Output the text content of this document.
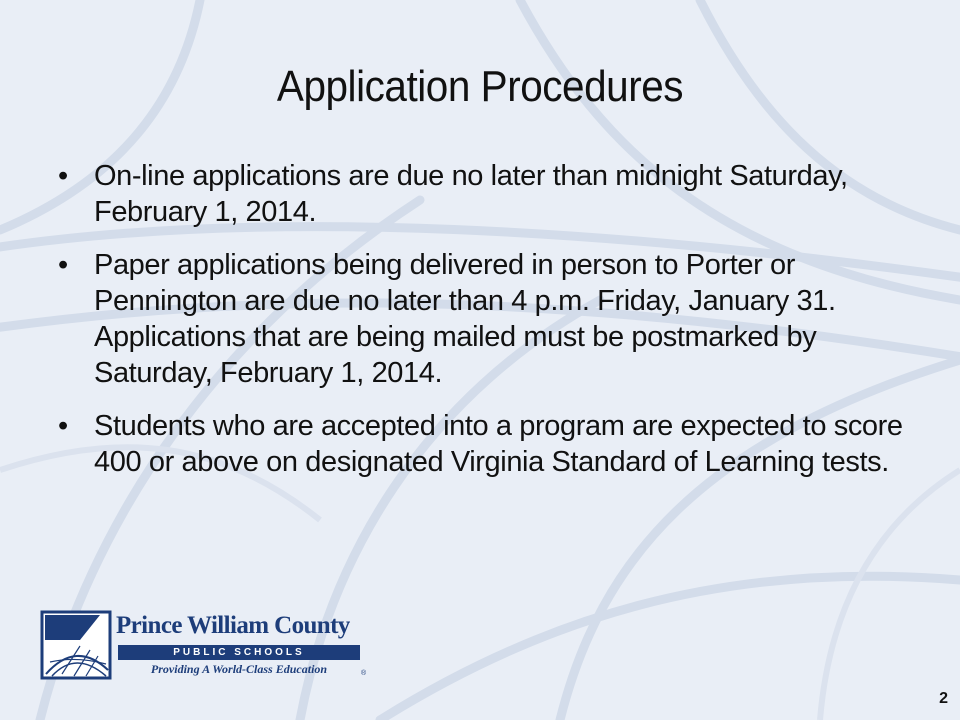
Application Procedures
• On-line applications are due no later than midnight Saturday, February 1, 2014.
• Paper applications being delivered in person to Porter or Pennington are due no later than 4 p.m. Friday, January 31. Applications that are being mailed must be postmarked by Saturday, February 1, 2014.
• Students who are accepted into a program are expected to score 400 or above on designated Virginia Standard of Learning tests.
Prince William County
PUBLIC SCHOOLS
Providing A World-Class Education	®
2
